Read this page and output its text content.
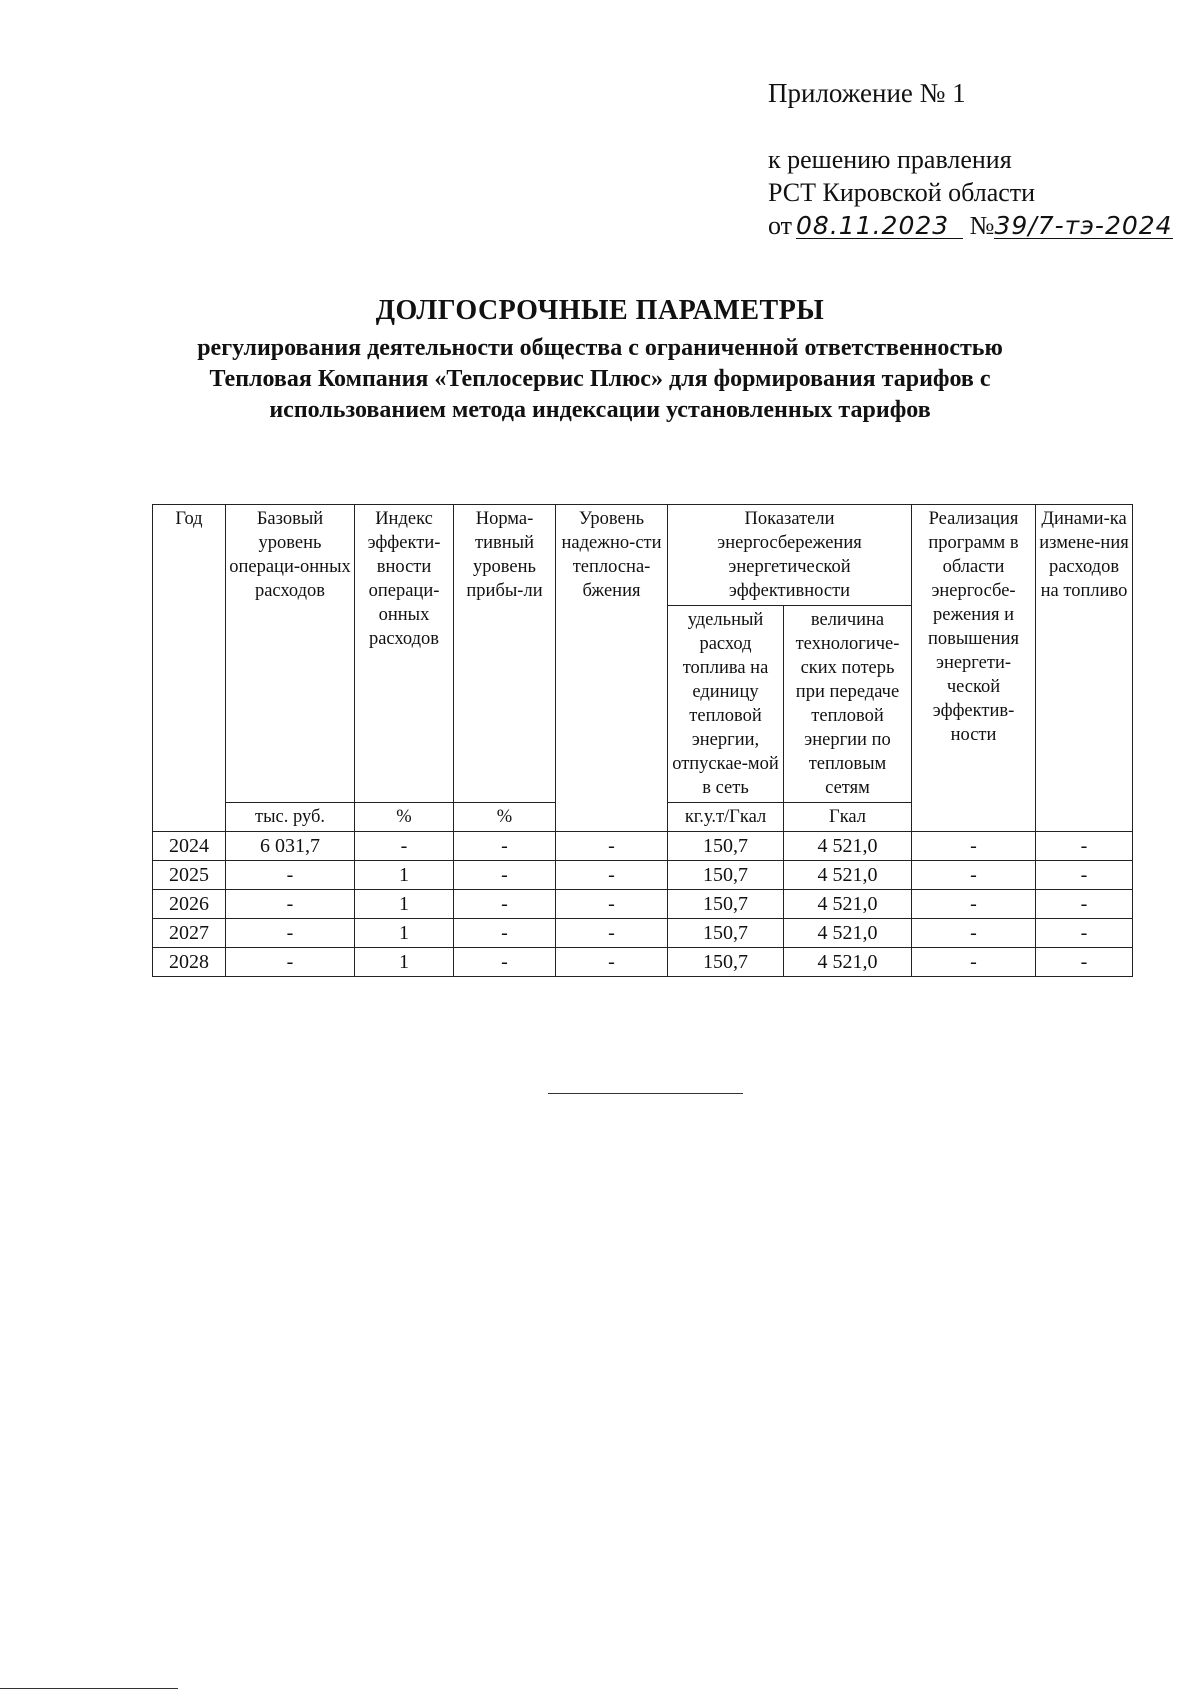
Приложение № 1
к решению правления
РСТ Кировской области
от 08.11.2023 №39/7-тэ-2024
ДОЛГОСРОЧНЫЕ ПАРАМЕТРЫ
регулирования деятельности общества с ограниченной ответственностью Тепловая Компания «Теплосервис Плюс» для формирования тарифов с использованием метода индексации установленных тарифов
Год	Базовый уровень операци-онных расходов	Индекс эффекти-вности операци-онных расходов	Норма-тивный уровень прибы-ли	Уровень надежно-сти теплосна-бжения	Показатели энергосбережения энергетической эффективности		Реализация программ в области энергосбе-режения и повышения энергети-ческой эффектив-ности	Динами-ка измене-ния расходов на топливо
					удельный расход топлива на единицу тепловой энергии, отпускае-мой в сеть	величина технологиче-ских потерь при передаче тепловой энергии по тепловым сетям		
	тыс. руб.	%	%		кг.у.т/Гкал	Гкал		
2024	6 031,7	-	-	-	150,7	4 521,0	-	-
2025	-	1	-	-	150,7	4 521,0	-	-
2026	-	1	-	-	150,7	4 521,0	-	-
2027	-	1	-	-	150,7	4 521,0	-	-
2028	-	1	-	-	150,7	4 521,0	-	-
